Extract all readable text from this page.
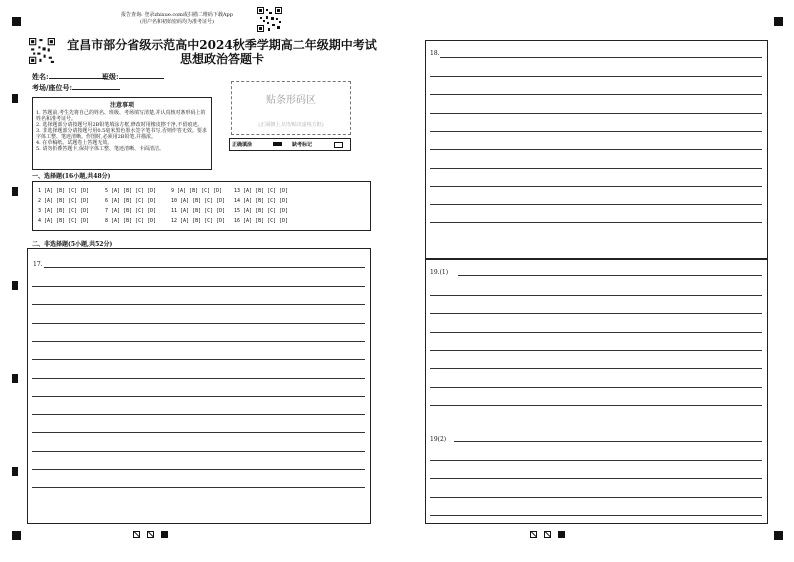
报告查询: 登录zhixue.com或扫描二维码下载App
(用户名和初始密码均为准考证号)
宜昌市部分省级示范高中2024秋季学期高二年级期中考试
思想政治答题卡
姓名:	班级:
考场/座位号:
注意事项
1. 答题前,考生先将自己的姓名、班级、考场填写清楚,并认真核对条形码上的姓名和准考证号。
2. 选择题部分请按题号用2B铅笔填涂方框,修改时用橡皮擦干净,不留痕迹。
3. 非选择题部分请按题号用0.5毫米黑色墨水签字笔书写,否则作答无效。要求字体工整、笔迹清晰。作图时,必须用2B铅笔,并描浓。
4. 在草稿纸、试题卷上答题无效。
5. 请勿折叠答题卡,保持字体工整、笔迹清晰、卡面清洁。
贴条形码区
(正面朝上,切勿贴出虚线方框)
正确填涂	缺考标记
一、选择题(16小题,共48分)
1 [A] [B] [C] [D]	5 [A] [B] [C] [D]	9 [A] [B] [C] [D] 13 [A] [B] [C] [D]
2 [A] [B] [C] [D]	6 [A] [B] [C] [D]	10 [A] [B] [C] [D] 14 [A] [B] [C] [D]
3 [A] [B] [C] [D]	7 [A] [B] [C] [D]	11 [A] [B] [C] [D] 15 [A] [B] [C] [D]
4 [A] [B] [C] [D]	8 [A] [B] [C] [D]	12 [A] [B] [C] [D] 16 [A] [B] [C] [D]
二、非选择题(5小题,共52分)
17.
18.
19.(1)
19(2)
